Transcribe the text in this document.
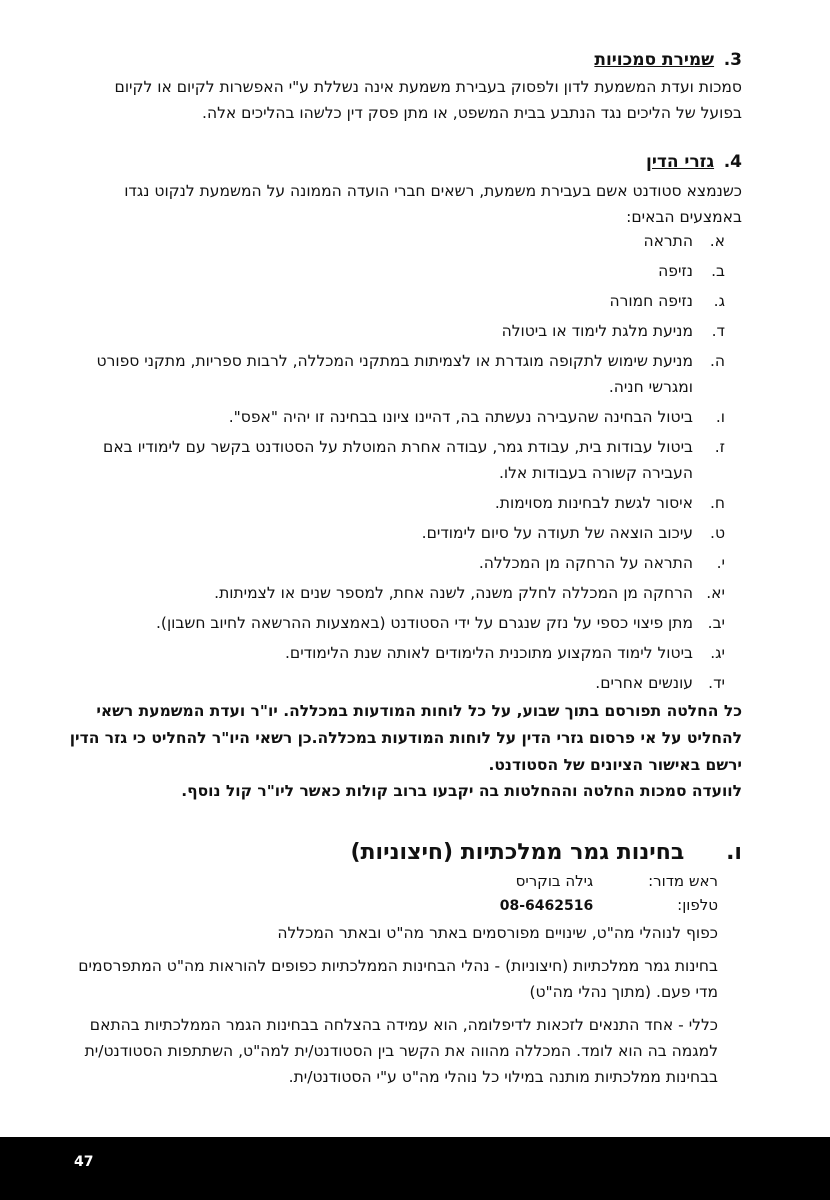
3. שמירת סמכויות
סמכות ועדת המשמעת לדון ולפסוק בעבירת משמעת אינה נשללת ע"י האפשרות לקיום או לקיום בפועל של הליכים נגד הנתבע בבית המשפט, או מתן פסק דין כלשהו בהליכים אלה.
4. גזרי הדין
כשנמצא סטודנט אשם בעבירת משמעת, רשאים חברי הועדה הממונה על המשמעת לנקוט נגדו באמצעים הבאים:
א.
התראה
ב.
נזיפה
ג.
נזיפה חמורה
ד.
מניעת מלגת לימוד או ביטולה
ה.
מניעת שימוש לתקופה מוגדרת או לצמיתות במתקני המכללה, לרבות ספריות, מתקני ספורט ומגרשי חניה.
ו.
ביטול הבחינה שהעבירה נעשתה בה, דהיינו ציונו בבחינה זו יהיה "אפס".
ז.
ביטול עבודות בית, עבודת גמר, עבודה אחרת המוטלת על הסטודנט בקשר עם לימודיו באם העבירה קשורה בעבודות אלו.
ח.
איסור לגשת לבחינות מסוימות.
ט.
עיכוב הוצאה של תעודה על סיום לימודים.
י.
התראה על הרחקה מן המכללה.
יא.
הרחקה מן המכללה לחלק משנה, לשנה אחת, למספר שנים או לצמיתות.
יב.
מתן פיצוי כספי על נזק שנגרם על ידי הסטודנט (באמצעות ההרשאה לחיוב חשבון).
יג.
ביטול לימוד המקצוע מתוכנית הלימודים לאותה שנת הלימודים.
יד.
עונשים אחרים.
כל החלטה תפורסם בתוך שבוע, על כל לוחות המודעות במכללה. יו"ר ועדת המשמעת רשאי להחליט על אי פרסום גזרי הדין על לוחות המודעות במכללה.כן רשאי היו"ר להחליט כי גזר הדין ירשם באישור הציונים של הסטודנט.
לוועדה סמכות החלטה וההחלטות בה יקבעו ברוב קולות כאשר ליו"ר קול נוסף.
ו. בחינות גמר ממלכתיות (חיצוניות)
ראש מדור: גילה בוקריס
טלפון: 08-6462516
כפוף לנוהלי מה"ט, שינויים מפורסמים באתר מה"ט ובאתר המכללה
בחינות גמר ממלכתיות (חיצוניות) - נהלי הבחינות הממלכתיות כפופים להוראות מה"ט המתפרסמים מדי פעם. (מתוך נהלי מה"ט)
כללי - אחד התנאים לזכאות לדיפלומה, הוא עמידה בהצלחה בבחינות הגמר הממלכתיות בהתאם למגמה בה הוא לומד. המכללה מהווה את הקשר בין הסטודנט/ית למה"ט, השתתפות הסטודנט/ית בבחינות ממלכתיות מותנה במילוי כל נוהלי מה"ט ע"י הסטודנט/ית.
47
